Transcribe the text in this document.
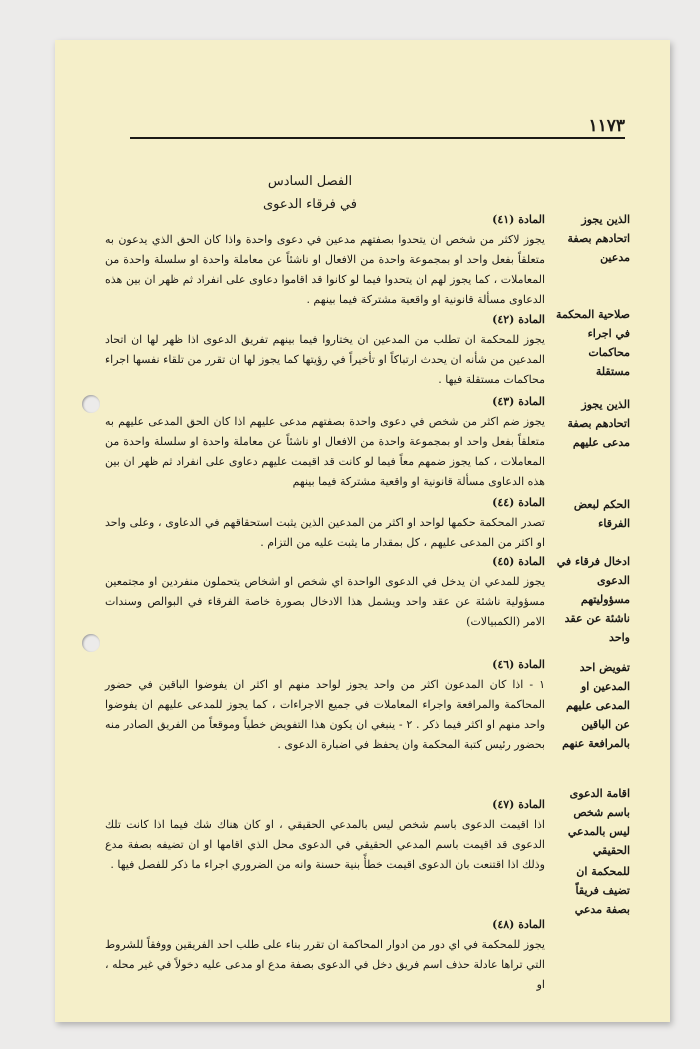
١١٧٣
الفصل السادس
في فرقاء الدعوى
الذين يجوز اتحادهم بصفة مدعين
صلاحية المحكمة في اجراء محاكمات مستقلة
الذين يجوز اتحادهم بصفة مدعى عليهم
الحكم لبعض الفرقاء
ادخال فرقاء في الدعوى مسؤوليتهم ناشئة عن عقد واحد
تفويض احد المدعين او المدعى عليهم عن الباقين بالمرافعة عنهم
اقامة الدعوى باسم شخص ليس بالمدعي الحقيقي
للمحكمة ان تضيف فريقاً بصفة مدعي

المادة (٤١)

يجوز لاكثر من شخص ان يتحدوا بصفتهم مدعين في دعوى واحدة واذا كان الحق الذي يدعون به متعلقاً بفعل واحد او بمجموعة واحدة من الافعال او ناشئاً عن معاملة واحدة او سلسلة واحدة من المعاملات ، كما يجوز لهم ان يتحدوا فيما لو كانوا قد اقاموا دعاوى على انفراد ثم ظهر ان بين هذه الدعاوى مسألة قانونية او واقعية مشتركة فيما بينهم .

المادة (٤٢)

يجوز للمحكمة ان تطلب من المدعين ان يختاروا فيما بينهم تفريق الدعوى اذا ظهر لها ان اتحاد المدعين من شأنه ان يحدث ارتباكاً او تأخيراً في رؤيتها كما يجوز لها ان تقرر من تلقاء نفسها اجراء محاكمات مستقلة فيها .

المادة (٤٣)

يجوز ضم اكثر من شخص في دعوى واحدة بصفتهم مدعى عليهم اذا كان الحق المدعى عليهم به متعلقاً بفعل واحد او بمجموعة واحدة من الافعال او ناشئاً عن معاملة واحدة او سلسلة واحدة من المعاملات ، كما يجوز ضمهم معاً فيما لو كانت قد اقيمت عليهم دعاوى على انفراد ثم ظهر ان بين هذه الدعاوى مسألة قانونية او واقعية مشتركة فيما بينهم

المادة (٤٤)

تصدر المحكمة حكمها لواحد او اكثر من المدعين الذين يثبت استحقاقهم في الدعاوى ، وعلى واحد او اكثر من المدعى عليهم ، كل بمقدار ما يثبت عليه من التزام .

المادة (٤٥)

يجوز للمدعي ان يدخل في الدعوى الواحدة اي شخص او اشخاص يتحملون منفردين او مجتمعين مسؤولية ناشئة عن عقد واحد ويشمل هذا الادخال بصورة خاصة الفرقاء في البوالص وسندات الامر (الكمبيالات)

المادة (٤٦)

١ - اذا كان المدعون اكثر من واحد يجوز لواحد منهم او اكثر ان يفوضوا الباقين في حضور المحاكمة والمرافعة واجراء المعاملات في جميع الاجراءات ، كما يجوز للمدعى عليهم ان يفوضوا واحد منهم او اكثر فيما ذكر . ٢ - ينبغي ان يكون هذا التفويض خطياً وموقعاً من الفريق الصادر منه بحضور رئيس كتبة المحكمة وان يحفظ في اضبارة الدعوى .

المادة (٤٧)

اذا اقيمت الدعوى باسم شخص ليس بالمدعي الحقيقي ، او كان هناك شك فيما اذا كانت تلك الدعوى قد اقيمت باسم المدعي الحقيقي في الدعوى محل الذي اقامها او ان تضيفه بصفة مدع وذلك اذا اقتنعت بان الدعوى اقيمت خطأً بنية حسنة وانه من الضروري اجراء ما ذكر للفصل فيها .

المادة (٤٨)

يجوز للمحكمة في اي دور من ادوار المحاكمة ان تقرر بناء على طلب احد الفريقين ووفقاً للشروط التي تراها عادلة حذف اسم فريق دخل في الدعوى بصفة مدع او مدعى عليه دخولاً في غير محله ، او
